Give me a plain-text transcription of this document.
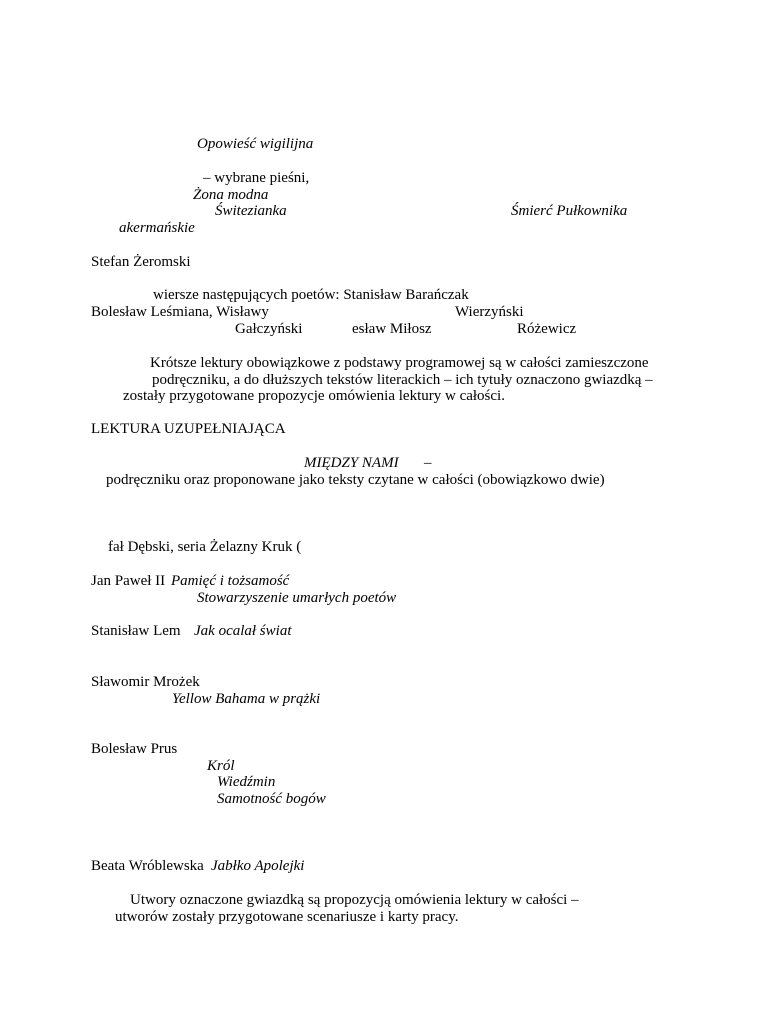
Opowieść wigilijna
– wybrane pieśni,
Żona modna
Świtezianka	Śmierć Pułkownika
akermańskie
Stefan Żeromski
wiersze następujących poetów: Stanisław Barańczak
Bolesław Leśmiana, Wisławy	Wierzyński
Gałczyński	esław Miłosz	Różewicz
Krótsze lektury obowiązkowe z podstawy programowej są w całości zamieszczone
podręczniku, a do dłuższych tekstów literackich – ich tytuły oznaczono gwiazdką –
zostały przygotowane propozycje omówienia lektury w całości.
LEKTURA UZUPEŁNIAJĄCA
MIĘDZY NAMI –
podręczniku oraz proponowane jako teksty czytane w całości (obowiązkowo dwie)
fał Dębski, seria Żelazny Kruk (
Jan Paweł II Pamięć i tożsamość
Stowarzyszenie umarłych poetów
Stanisław Lem Jak ocalał świat
Sławomir Mrożek
Yellow Bahama w prążki
Bolesław Prus
Król
Wiedźmin
Samotność bogów
Beata Wróblewska Jabłko Apolejki
Utwory oznaczone gwiazdką są propozycją omówienia lektury w całości –
utworów zostały przygotowane scenariusze i karty pracy.
